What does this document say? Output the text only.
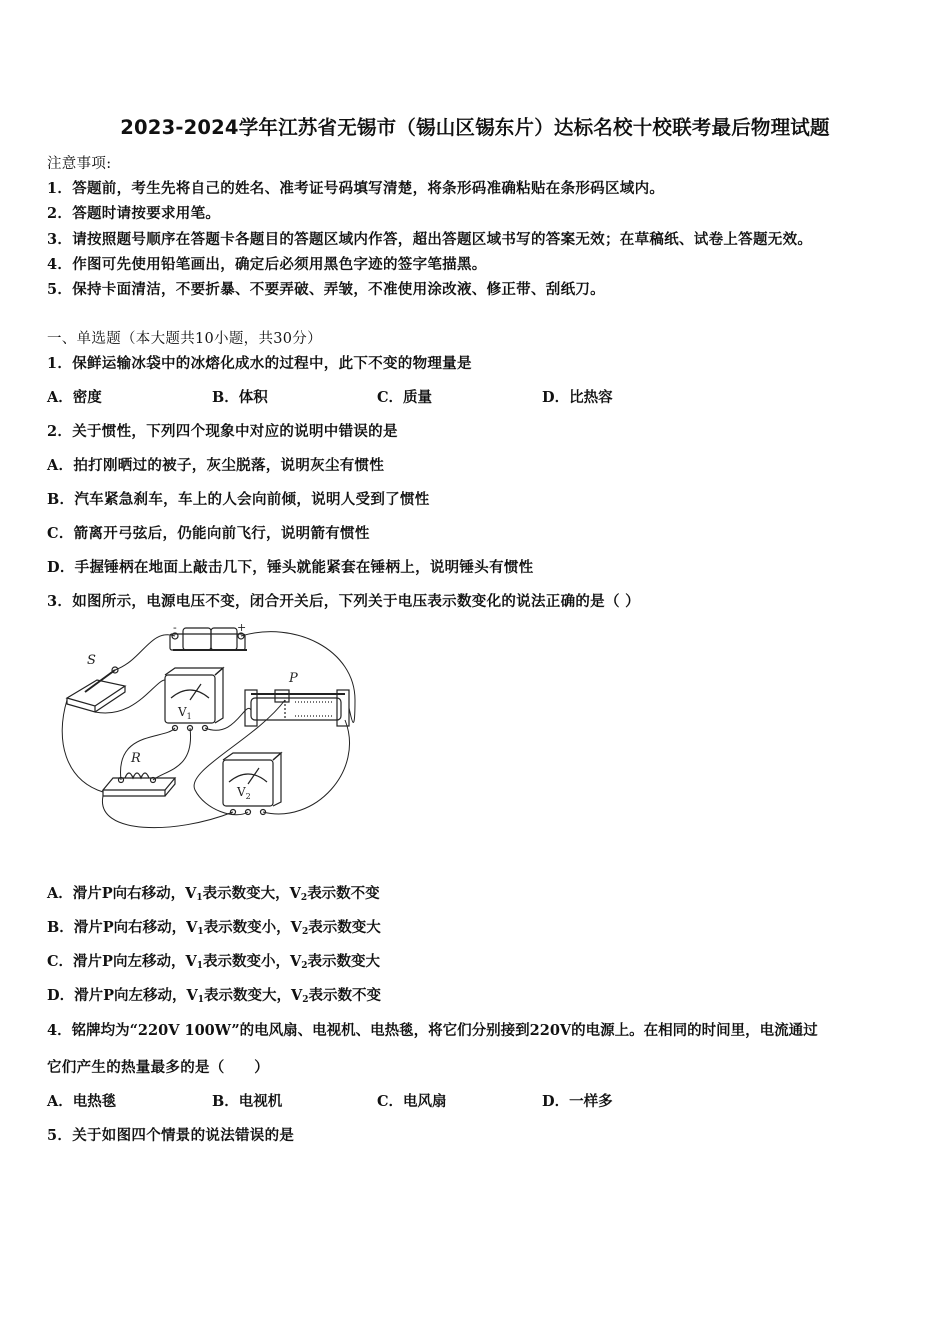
2023-2024学年江苏省无锡市（锡山区锡东片）达标名校十校联考最后物理试题
注意事项:
1．答题前，考生先将自己的姓名、准考证号码填写清楚，将条形码准确粘贴在条形码区域内。
2．答题时请按要求用笔。
3．请按照题号顺序在答题卡各题目的答题区域内作答，超出答题区域书写的答案无效；在草稿纸、试卷上答题无效。
4．作图可先使用铅笔画出，确定后必须用黑色字迹的签字笔描黑。
5．保持卡面清洁，不要折暴、不要弄破、弄皱，不准使用涂改液、修正带、刮纸刀。
一、单选题（本大题共10小题，共30分）
1．保鲜运输冰袋中的冰熔化成水的过程中，此下不变的物理量是
A．密度	B．体积	C．质量	D．比热容
2．关于惯性，下列四个现象中对应的说明中错误的是
A．拍打刚晒过的被子，灰尘脱落，说明灰尘有惯性
B．汽车紧急刹车，车上的人会向前倾，说明人受到了惯性
C．箭离开弓弦后，仍能向前飞行，说明箭有惯性
D．手握锤柄在地面上敲击几下，锤头就能紧套在锤柄上，说明锤头有惯性
3．如图所示，电源电压不变，闭合开关后，下列关于电压表示数变化的说法正确的是（ ）
-	+
S
$V_1$
P
R
$V_2$
A．滑片P向右移动，$V_1$表示数变大，$V_2$表示数不变
B．滑片P向右移动，$V_1$表示数变小，$V_2$表示数变大
C．滑片P向左移动，$V_1$表示数变小，$V_2$表示数变大
D．滑片P向左移动，$V_1$表示数变大，$V_2$表示数不变
4．铭牌均为“220V 100W”的电风扇、电视机、电热毯，将它们分别接到220V的电源上。在相同的时间里，电流通过
它们产生的热量最多的是（　　）
A．电热毯	B．电视机	C．电风扇	D．一样多
5．关于如图四个情景的说法错误的是
